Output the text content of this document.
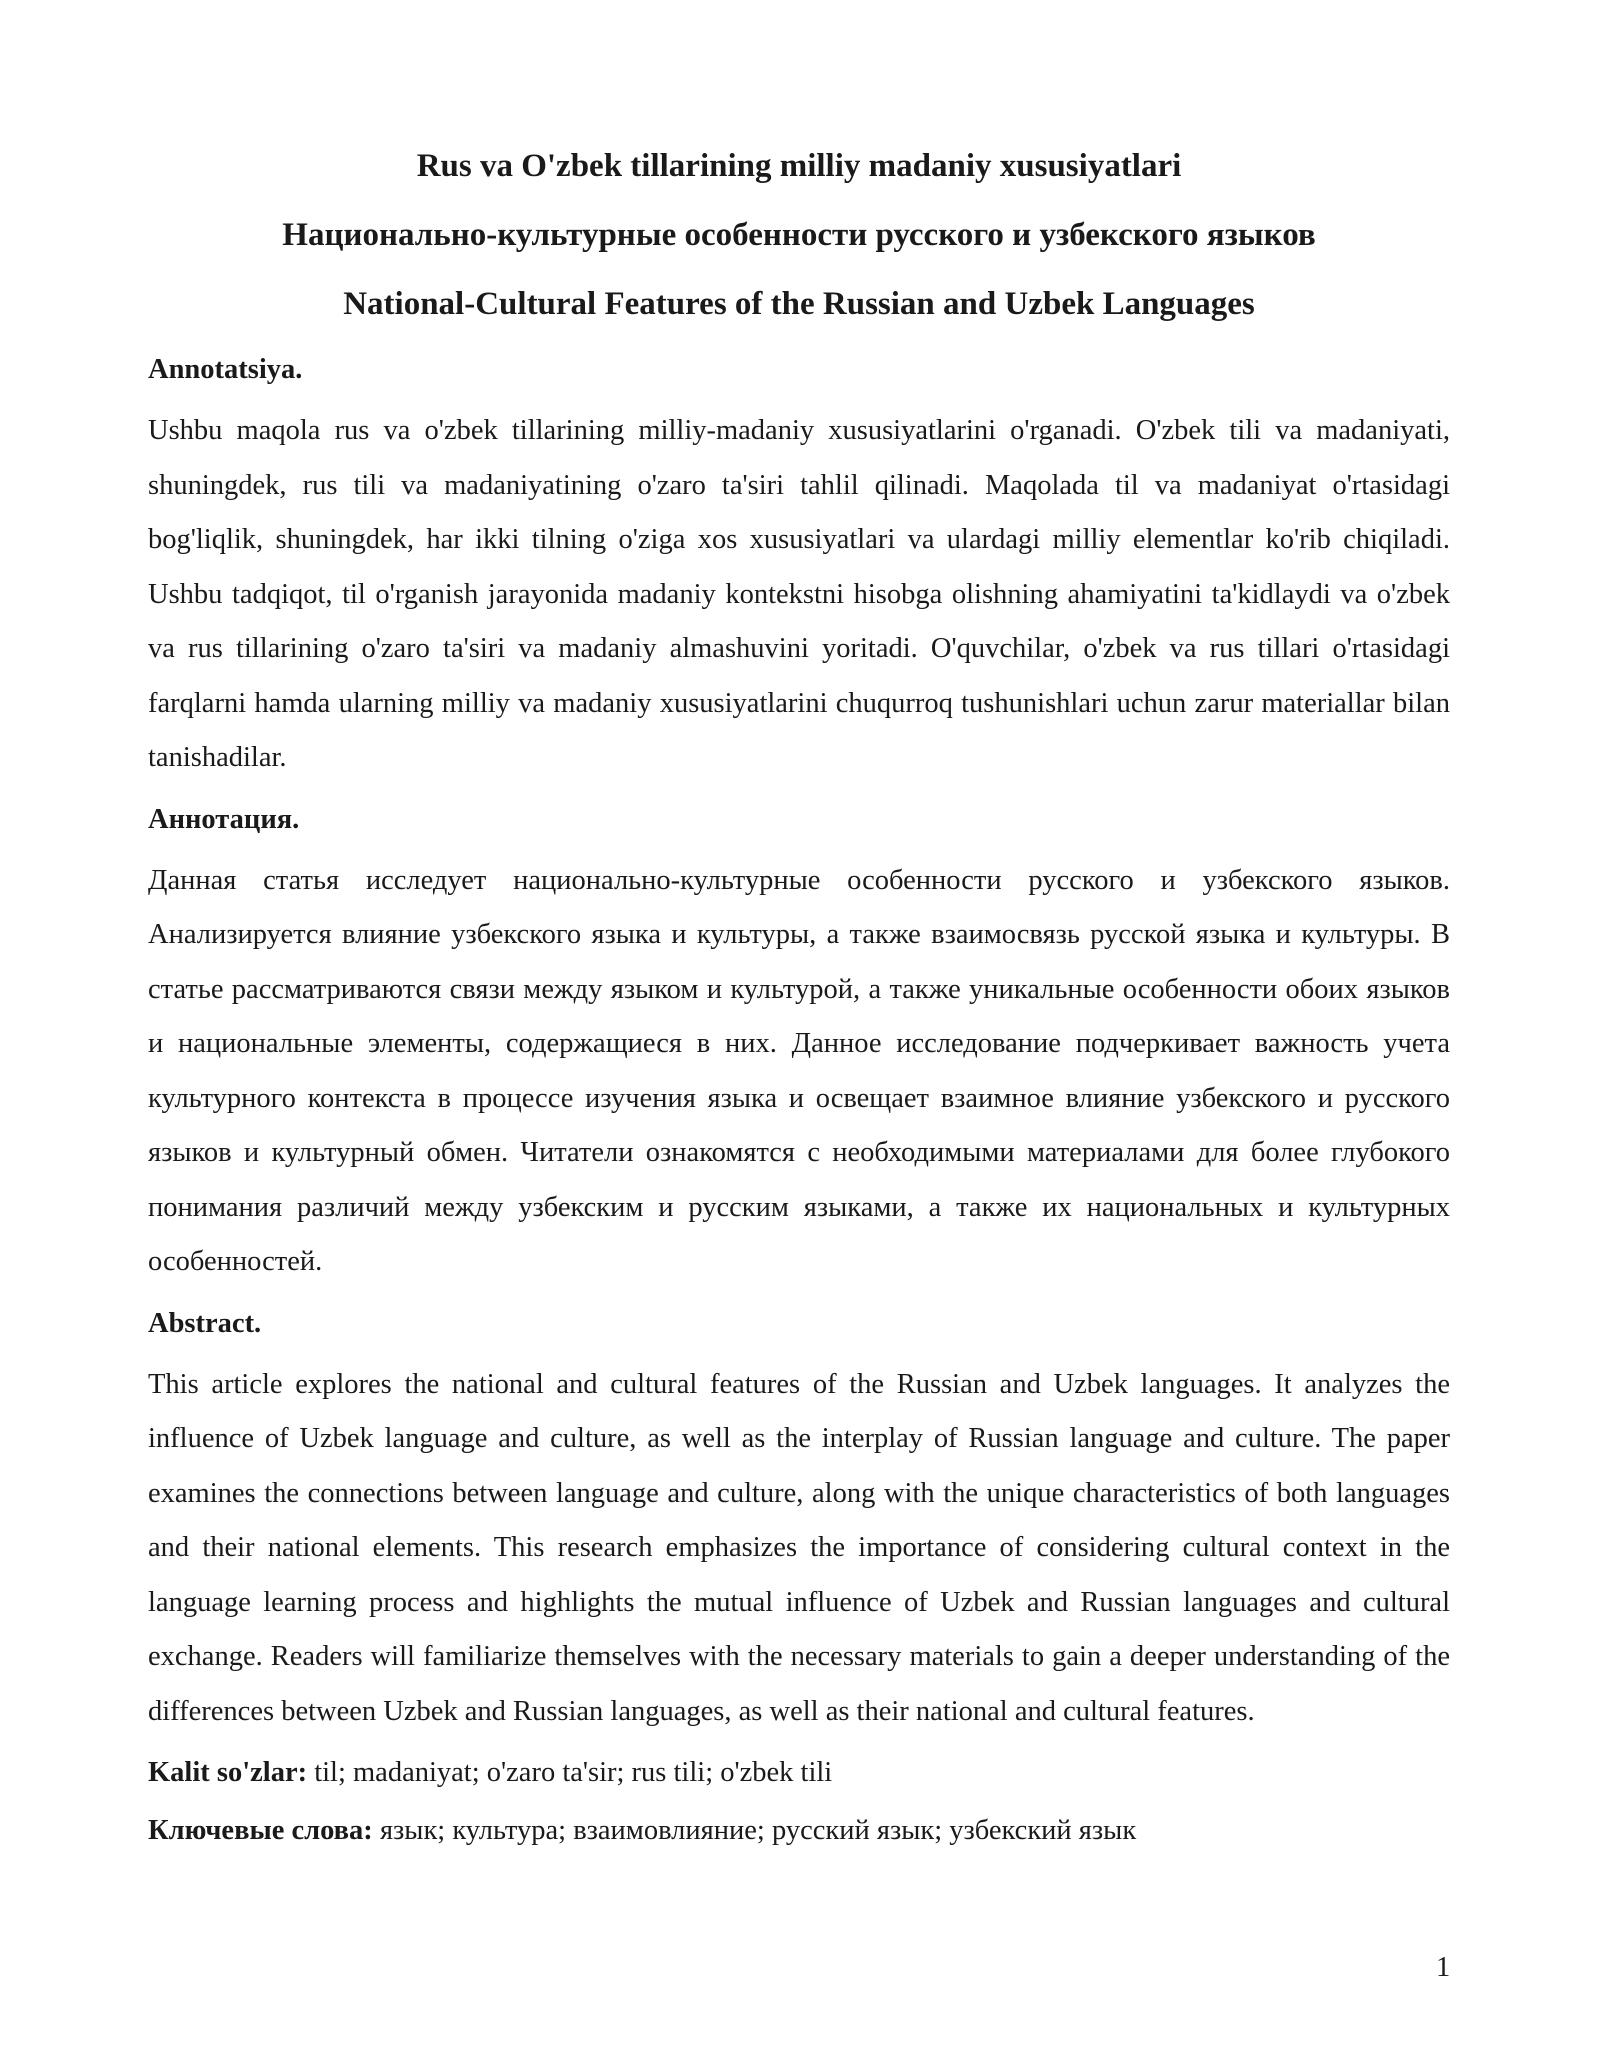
Rus va O'zbek tillarining milliy madaniy xususiyatlari
Национально-культурные особенности русского и узбекского языков
National-Cultural Features of the Russian and Uzbek Languages
Annotatsiya.
Ushbu maqola rus va o'zbek tillarining milliy-madaniy xususiyatlarini o'rganadi. O'zbek tili va madaniyati, shuningdek, rus tili va madaniyatining o'zaro ta'siri tahlil qilinadi. Maqolada til va madaniyat o'rtasidagi bog'liqlik, shuningdek, har ikki tilning o'ziga xos xususiyatlari va ulardagi milliy elementlar ko'rib chiqiladi. Ushbu tadqiqot, til o'rganish jarayonida madaniy kontekstni hisobga olishning ahamiyatini ta'kidlaydi va o'zbek va rus tillarining o'zaro ta'siri va madaniy almashuvini yoritadi. O'quvchilar, o'zbek va rus tillari o'rtasidagi farqlarni hamda ularning milliy va madaniy xususiyatlarini chuqurroq tushunishlari uchun zarur materiallar bilan tanishadilar.
Аннотация.
Данная статья исследует национально-культурные особенности русского и узбекского языков. Анализируется влияние узбекского языка и культуры, а также взаимосвязь русской языка и культуры. В статье рассматриваются связи между языком и культурой, а также уникальные особенности обоих языков и национальные элементы, содержащиеся в них. Данное исследование подчеркивает важность учета культурного контекста в процессе изучения языка и освещает взаимное влияние узбекского и русского языков и культурный обмен. Читатели ознакомятся с необходимыми материалами для более глубокого понимания различий между узбекским и русским языками, а также их национальных и культурных особенностей.
Abstract.
This article explores the national and cultural features of the Russian and Uzbek languages. It analyzes the influence of Uzbek language and culture, as well as the interplay of Russian language and culture. The paper examines the connections between language and culture, along with the unique characteristics of both languages and their national elements. This research emphasizes the importance of considering cultural context in the language learning process and highlights the mutual influence of Uzbek and Russian languages and cultural exchange. Readers will familiarize themselves with the necessary materials to gain a deeper understanding of the differences between Uzbek and Russian languages, as well as their national and cultural features.
Kalit so'zlar: til; madaniyat; o'zaro ta'sir; rus tili; o'zbek tili
Ключевые слова: язык; культура; взаимовлияние; русский язык; узбекский язык
1
